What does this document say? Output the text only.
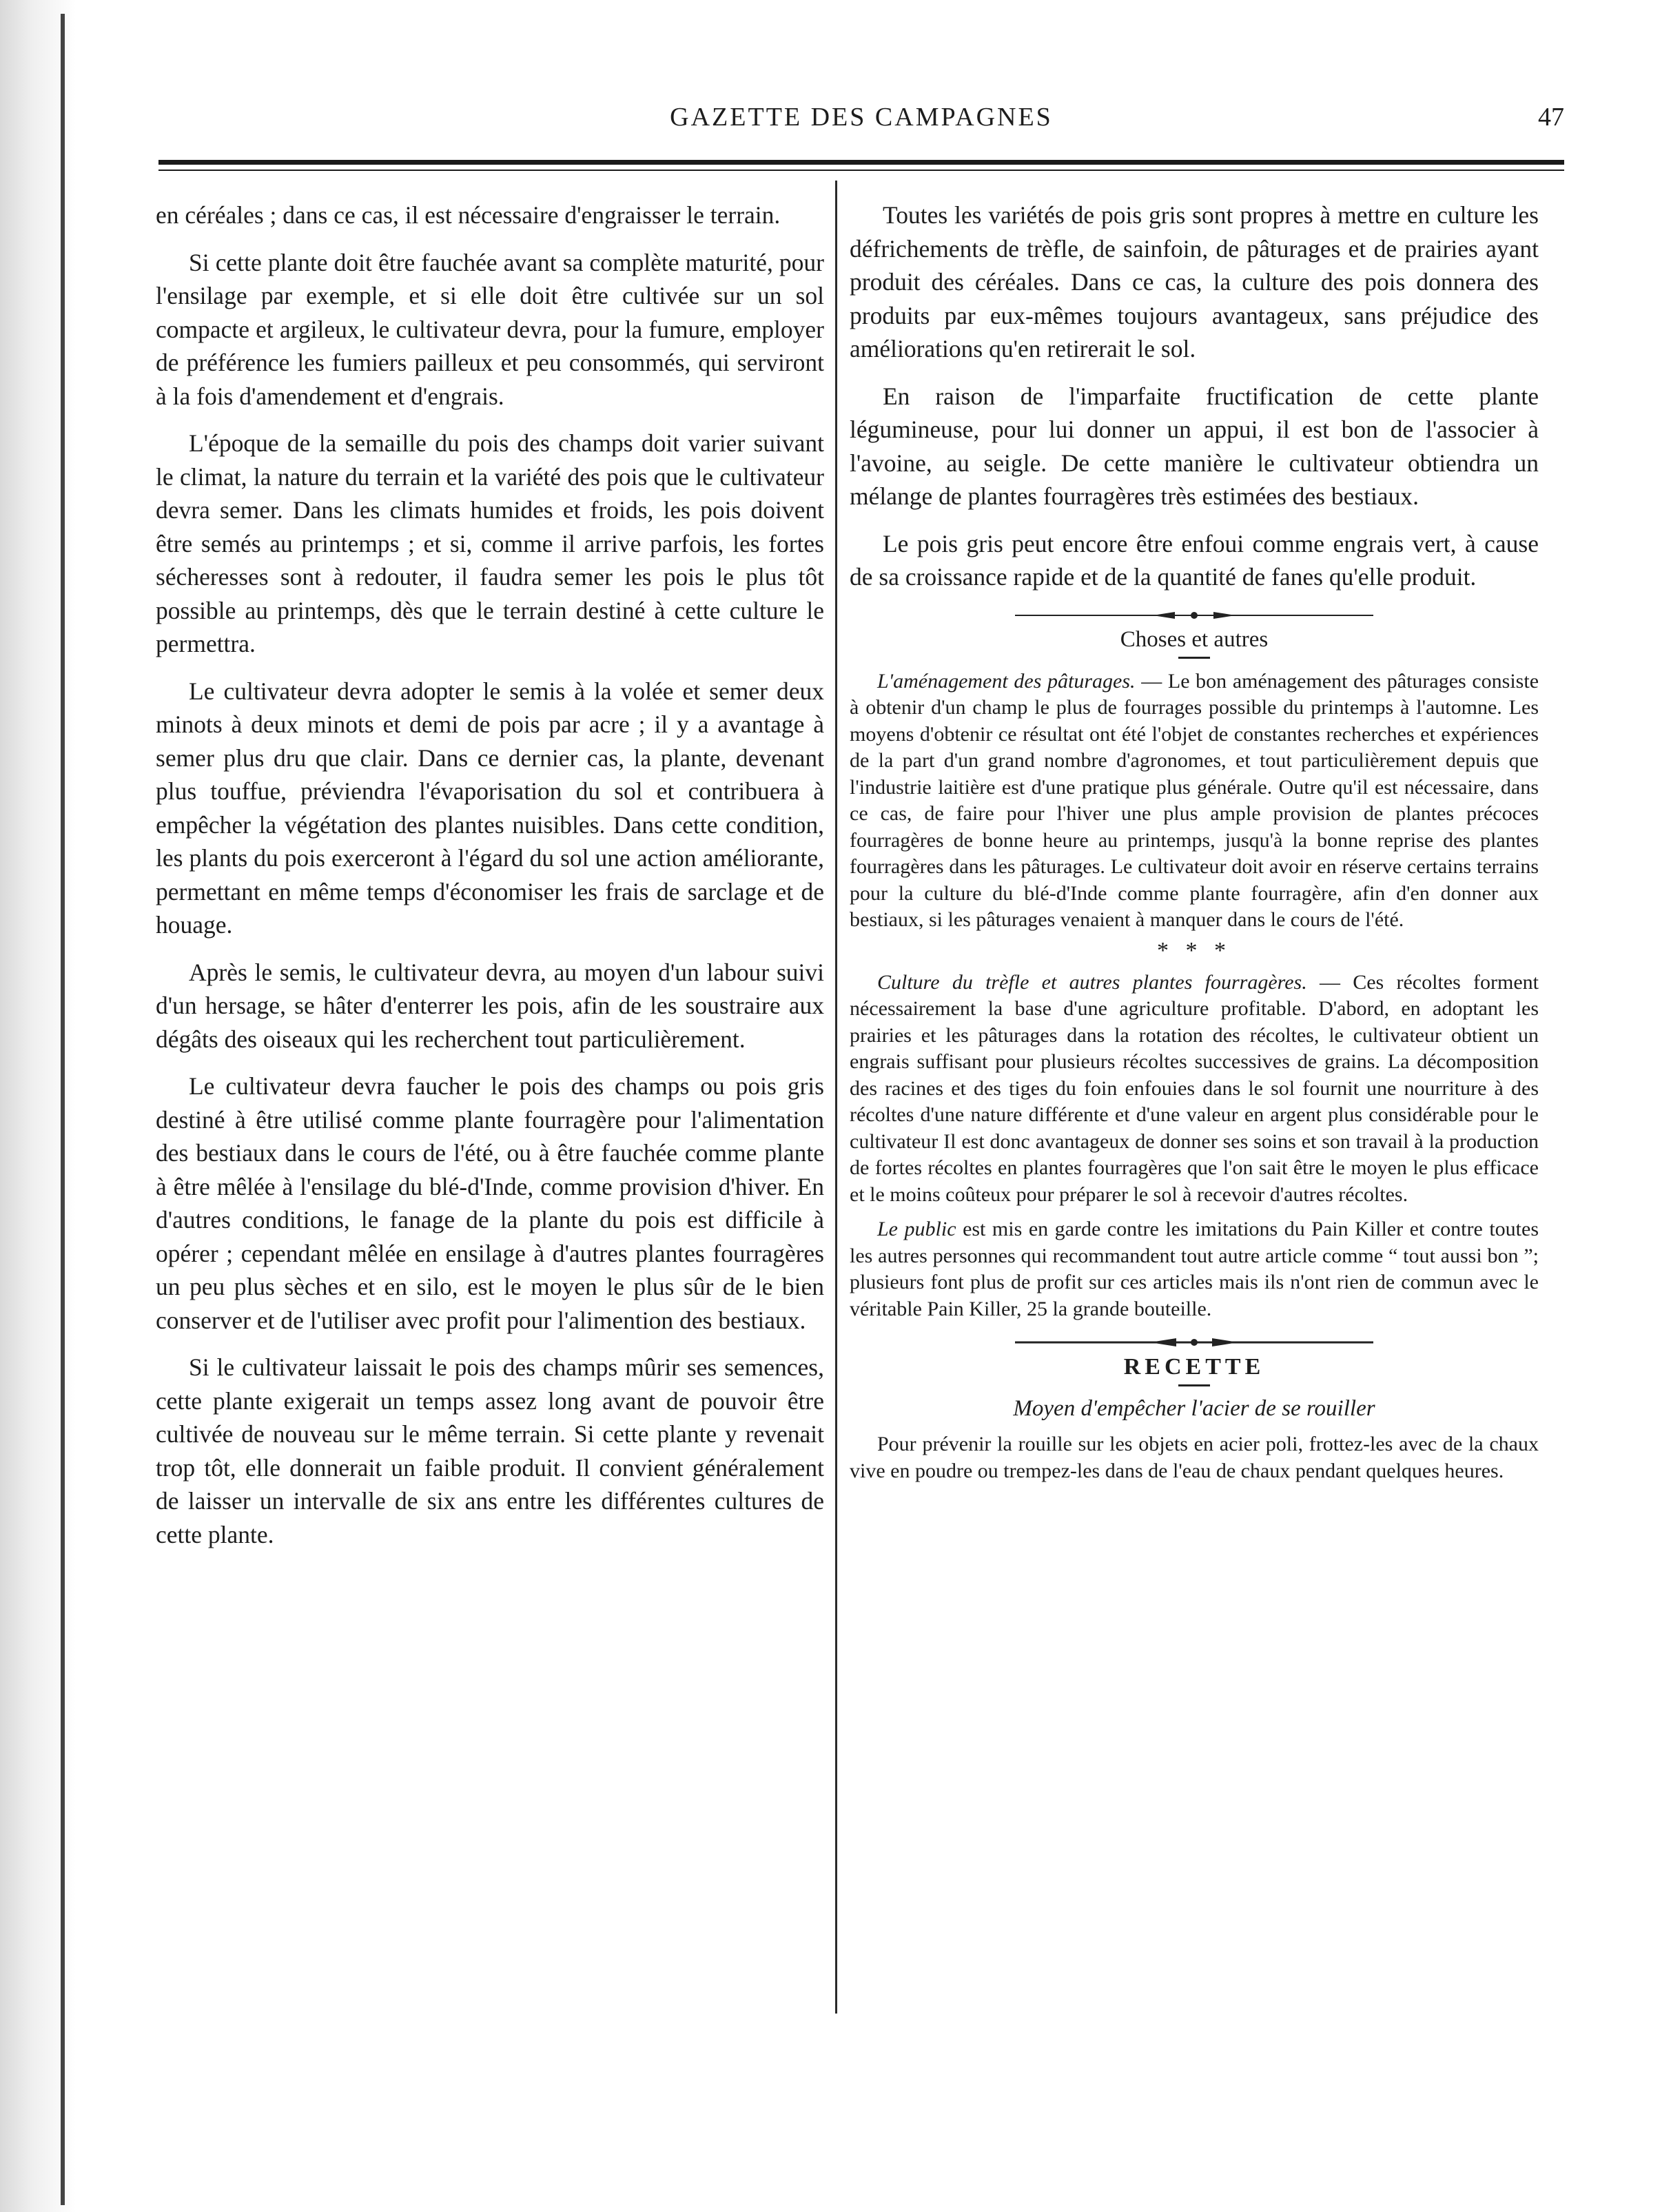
GAZETTE DES CAMPAGNES	47

en céréales ; dans ce cas, il est nécessaire d'engraisser le terrain.

Si cette plante doit être fauchée avant sa complète maturité, pour l'ensilage par exemple, et si elle doit être cultivée sur un sol compacte et argileux, le cultivateur devra, pour la fumure, employer de préférence les fumiers pailleux et peu consommés, qui serviront à la fois d'amendement et d'engrais.

L'époque de la semaille du pois des champs doit varier suivant le climat, la nature du terrain et la variété des pois que le cultivateur devra semer. Dans les climats humides et froids, les pois doivent être semés au printemps ; et si, comme il arrive parfois, les fortes sécheresses sont à redouter, il faudra semer les pois le plus tôt possible au printemps, dès que le terrain destiné à cette culture le permettra.

Le cultivateur devra adopter le semis à la volée et semer deux minots à deux minots et demi de pois par acre ; il y a avantage à semer plus dru que clair. Dans ce dernier cas, la plante, devenant plus touffue, préviendra l'évaporisation du sol et contribuera à empêcher la végétation des plantes nuisibles. Dans cette condition, les plants du pois exerceront à l'égard du sol une action améliorante, permettant en même temps d'économiser les frais de sarclage et de houage.

Après le semis, le cultivateur devra, au moyen d'un labour suivi d'un hersage, se hâter d'enterrer les pois, afin de les soustraire aux dégâts des oiseaux qui les recherchent tout particulièrement.

Le cultivateur devra faucher le pois des champs ou pois gris destiné à être utilisé comme plante fourragère pour l'alimentation des bestiaux dans le cours de l'été, ou à être fauchée comme plante à être mêlée à l'ensilage du blé-d'Inde, comme provision d'hiver. En d'autres conditions, le fanage de la plante du pois est difficile à opérer ; cependant mêlée en ensilage à d'autres plantes fourragères un peu plus sèches et en silo, est le moyen le plus sûr de le bien conserver et de l'utiliser avec profit pour l'alimention des bestiaux.

Si le cultivateur laissait le pois des champs mûrir ses semences, cette plante exigerait un temps assez long avant de pouvoir être cultivée de nouveau sur le même terrain. Si cette plante y revenait trop tôt, elle donnerait un faible produit. Il convient généralement de laisser un intervalle de six ans entre les différentes cultures de cette plante.

Toutes les variétés de pois gris sont propres à mettre en culture les défrichements de trèfle, de sainfoin, de pâturages et de prairies ayant produit des céréales. Dans ce cas, la culture des pois donnera des produits par eux-mêmes toujours avantageux, sans préjudice des améliorations qu'en retirerait le sol.

En raison de l'imparfaite fructification de cette plante légumineuse, pour lui donner un appui, il est bon de l'associer à l'avoine, au seigle. De cette manière le cultivateur obtiendra un mélange de plantes fourragères très estimées des bestiaux.

Le pois gris peut encore être enfoui comme engrais vert, à cause de sa croissance rapide et de la quantité de fanes qu'elle produit.

Choses et autres

L'aménagement des pâturages. — Le bon aménagement des pâturages consiste à obtenir d'un champ le plus de fourrages possible du printemps à l'automne. Les moyens d'obtenir ce résultat ont été l'objet de constantes recherches et expériences de la part d'un grand nombre d'agronomes, et tout particulièrement depuis que l'industrie laitière est d'une pratique plus générale. Outre qu'il est nécessaire, dans ce cas, de faire pour l'hiver une plus ample provision de plantes précoces fourragères de bonne heure au printemps, jusqu'à la bonne reprise des plantes fourragères dans les pâturages. Le cultivateur doit avoir en réserve certains terrains pour la culture du blé-d'Inde comme plante fourragère, afin d'en donner aux bestiaux, si les pâturages venaient à manquer dans le cours de l'été.

* * *

Culture du trèfle et autres plantes fourragères. — Ces récoltes forment nécessairement la base d'une agriculture profitable. D'abord, en adoptant les prairies et les pâturages dans la rotation des récoltes, le cultivateur obtient un engrais suffisant pour plusieurs récoltes successives de grains. La décomposition des racines et des tiges du foin enfouies dans le sol fournit une nourriture à des récoltes d'une nature différente et d'une valeur en argent plus considérable pour le cultivateur Il est donc avantageux de donner ses soins et son travail à la production de fortes récoltes en plantes fourragères que l'on sait être le moyen le plus efficace et le moins coûteux pour préparer le sol à recevoir d'autres récoltes.

Le public est mis en garde contre les imitations du Pain Killer et contre toutes les autres personnes qui recommandent tout autre article comme “ tout aussi bon ”; plusieurs font plus de profit sur ces articles mais ils n'ont rien de commun avec le véritable Pain Killer, 25 la grande bouteille.

RECETTE
Moyen d'empêcher l'acier de se rouiller

Pour prévenir la rouille sur les objets en acier poli, frottez-les avec de la chaux vive en poudre ou trempez-les dans de l'eau de chaux pendant quelques heures.
